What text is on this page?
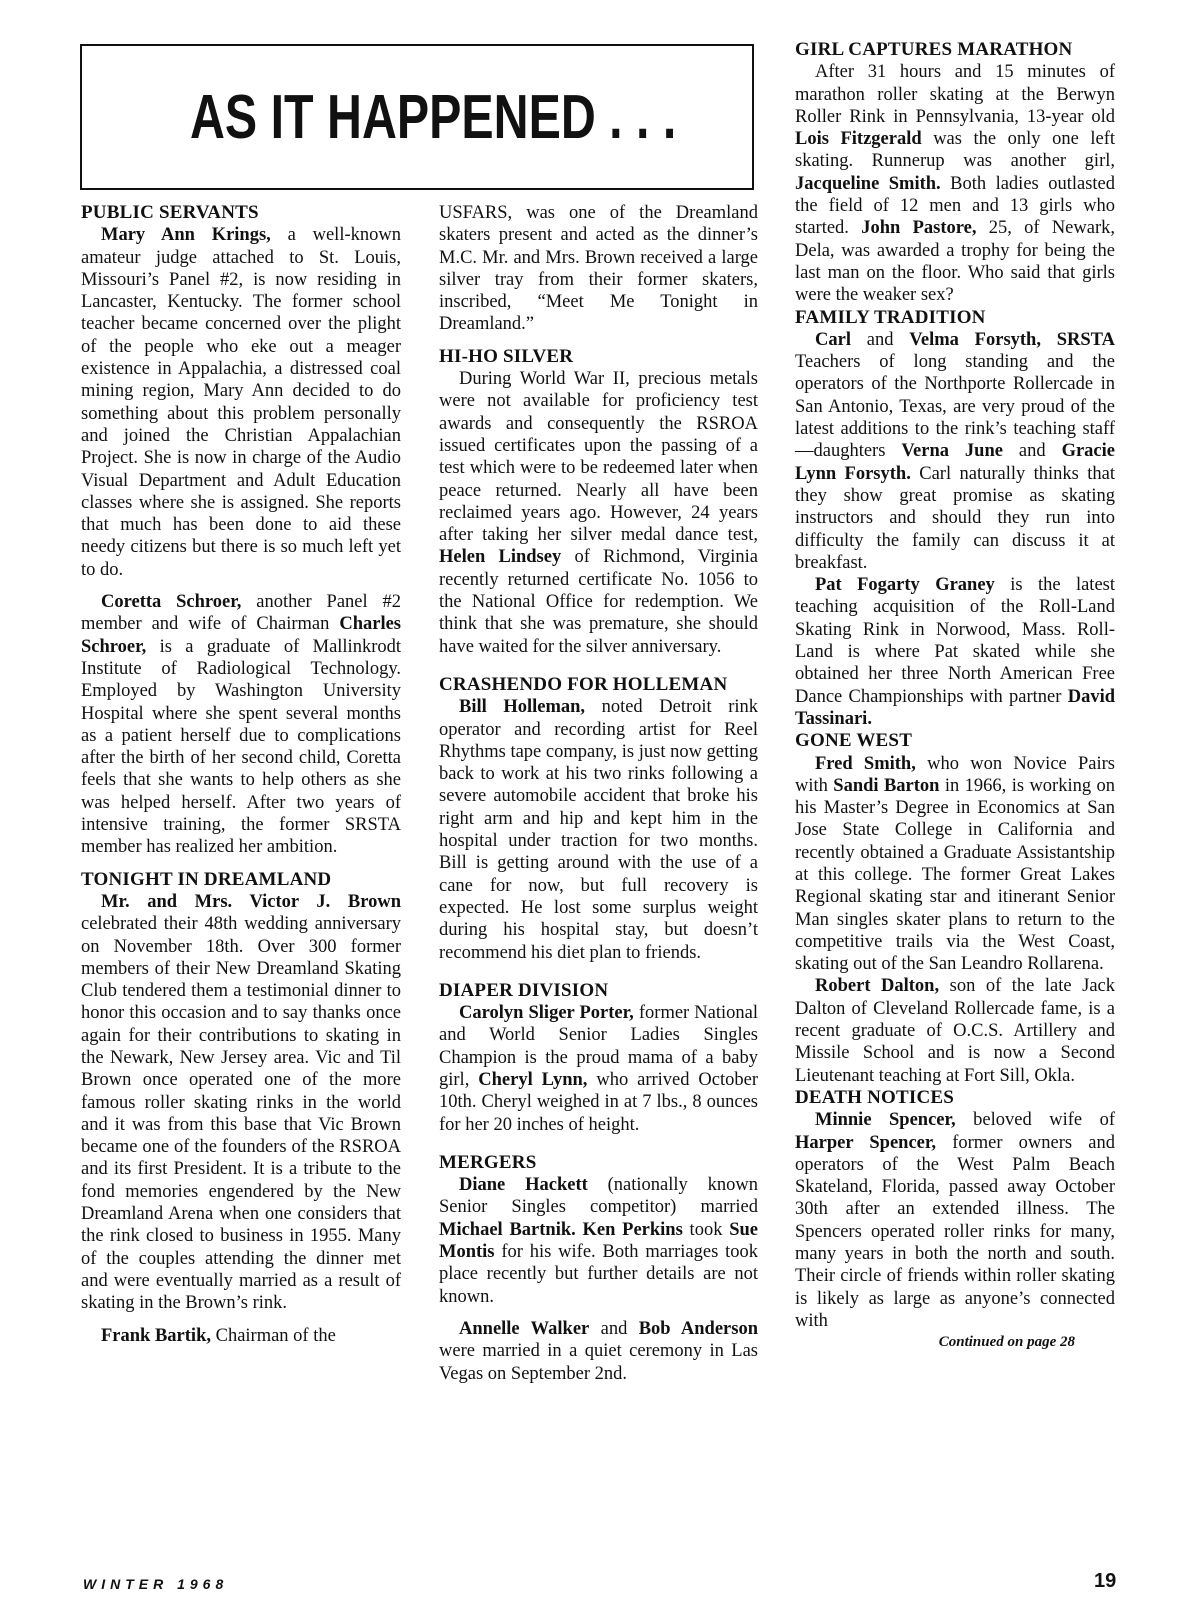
AS IT HAPPENED . . .
PUBLIC SERVANTS

Mary Ann Krings, a well-known amateur judge attached to St. Louis, Missouri’s Panel #2, is now residing in Lancaster, Kentucky. The former school teacher became concerned over the plight of the people who eke out a meager existence in Appalachia, a distressed coal mining region, Mary Ann decided to do something about this problem personally and joined the Christian Appalachian Project. She is now in charge of the Audio Visual Department and Adult Education classes where she is assigned. She reports that much has been done to aid these needy citizens but there is so much left yet to do.

Coretta Schroer, another Panel #2 member and wife of Chairman Charles Schroer, is a graduate of Mallinkrodt Institute of Radiological Technology. Employed by Washington University Hospital where she spent several months as a patient herself due to complications after the birth of her second child, Coretta feels that she wants to help others as she was helped herself. After two years of intensive training, the former SRSTA member has realized her ambition.

TONIGHT IN DREAMLAND

Mr. and Mrs. Victor J. Brown celebrated their 48th wedding anniversary on November 18th. Over 300 former members of their New Dreamland Skating Club tendered them a testimonial dinner to honor this occasion and to say thanks once again for their contributions to skating in the Newark, New Jersey area. Vic and Til Brown once operated one of the more famous roller skating rinks in the world and it was from this base that Vic Brown became one of the founders of the RSROA and its first President. It is a tribute to the fond memories engendered by the New Dreamland Arena when one considers that the rink closed to business in 1955. Many of the couples attending the dinner met and were eventually married as a result of skating in the Brown’s rink.

Frank Bartik, Chairman of the

USFARS, was one of the Dreamland skaters present and acted as the dinner’s M.C. Mr. and Mrs. Brown received a large silver tray from their former skaters, inscribed, “Meet Me Tonight in Dreamland.”

HI-HO SILVER

During World War II, precious metals were not available for proficiency test awards and consequently the RSROA issued certificates upon the passing of a test which were to be redeemed later when peace returned. Nearly all have been reclaimed years ago. However, 24 years after taking her silver medal dance test, Helen Lindsey of Richmond, Virginia recently returned certificate No. 1056 to the National Office for redemption. We think that she was premature, she should have waited for the silver anniversary.

CRASHENDO FOR HOLLEMAN

Bill Holleman, noted Detroit rink operator and recording artist for Reel Rhythms tape company, is just now getting back to work at his two rinks following a severe automobile accident that broke his right arm and hip and kept him in the hospital under traction for two months. Bill is getting around with the use of a cane for now, but full recovery is expected. He lost some surplus weight during his hospital stay, but doesn’t recommend his diet plan to friends.

DIAPER DIVISION

Carolyn Sliger Porter, former National and World Senior Ladies Singles Champion is the proud mama of a baby girl, Cheryl Lynn, who arrived October 10th. Cheryl weighed in at 7 lbs., 8 ounces for her 20 inches of height.

MERGERS

Diane Hackett (nationally known Senior Singles competitor) married Michael Bartnik. Ken Perkins took Sue Montis for his wife. Both marriages took place recently but further details are not known.

Annelle Walker and Bob Anderson were married in a quiet ceremony in Las Vegas on September 2nd.

GIRL CAPTURES MARATHON

After 31 hours and 15 minutes of marathon roller skating at the Berwyn Roller Rink in Pennsylvania, 13-year old Lois Fitzgerald was the only one left skating. Runnerup was another girl, Jacqueline Smith. Both ladies outlasted the field of 12 men and 13 girls who started. John Pastore, 25, of Newark, Dela, was awarded a trophy for being the last man on the floor. Who said that girls were the weaker sex?

FAMILY TRADITION

Carl and Velma Forsyth, SRSTA Teachers of long standing and the operators of the Northporte Rollercade in San Antonio, Texas, are very proud of the latest additions to the rink’s teaching staff—daughters Verna June and Gracie Lynn Forsyth. Carl naturally thinks that they show great promise as skating instructors and should they run into difficulty the family can discuss it at breakfast.

Pat Fogarty Graney is the latest teaching acquisition of the Roll-Land Skating Rink in Norwood, Mass. Roll-Land is where Pat skated while she obtained her three North American Free Dance Championships with partner David Tassinari.

GONE WEST

Fred Smith, who won Novice Pairs with Sandi Barton in 1966, is working on his Master’s Degree in Economics at San Jose State College in California and recently obtained a Graduate Assistantship at this college. The former Great Lakes Regional skating star and itinerant Senior Man singles skater plans to return to the competitive trails via the West Coast, skating out of the San Leandro Rollarena.

Robert Dalton, son of the late Jack Dalton of Cleveland Rollercade fame, is a recent graduate of O.C.S. Artillery and Missile School and is now a Second Lieutenant teaching at Fort Sill, Okla.

DEATH NOTICES

Minnie Spencer, beloved wife of Harper Spencer, former owners and operators of the West Palm Beach Skateland, Florida, passed away October 30th after an extended illness. The Spencers operated roller rinks for many, many years in both the north and south. Their circle of friends within roller skating is likely as large as anyone’s connected with

Continued on page 28
WINTER 1968	19
